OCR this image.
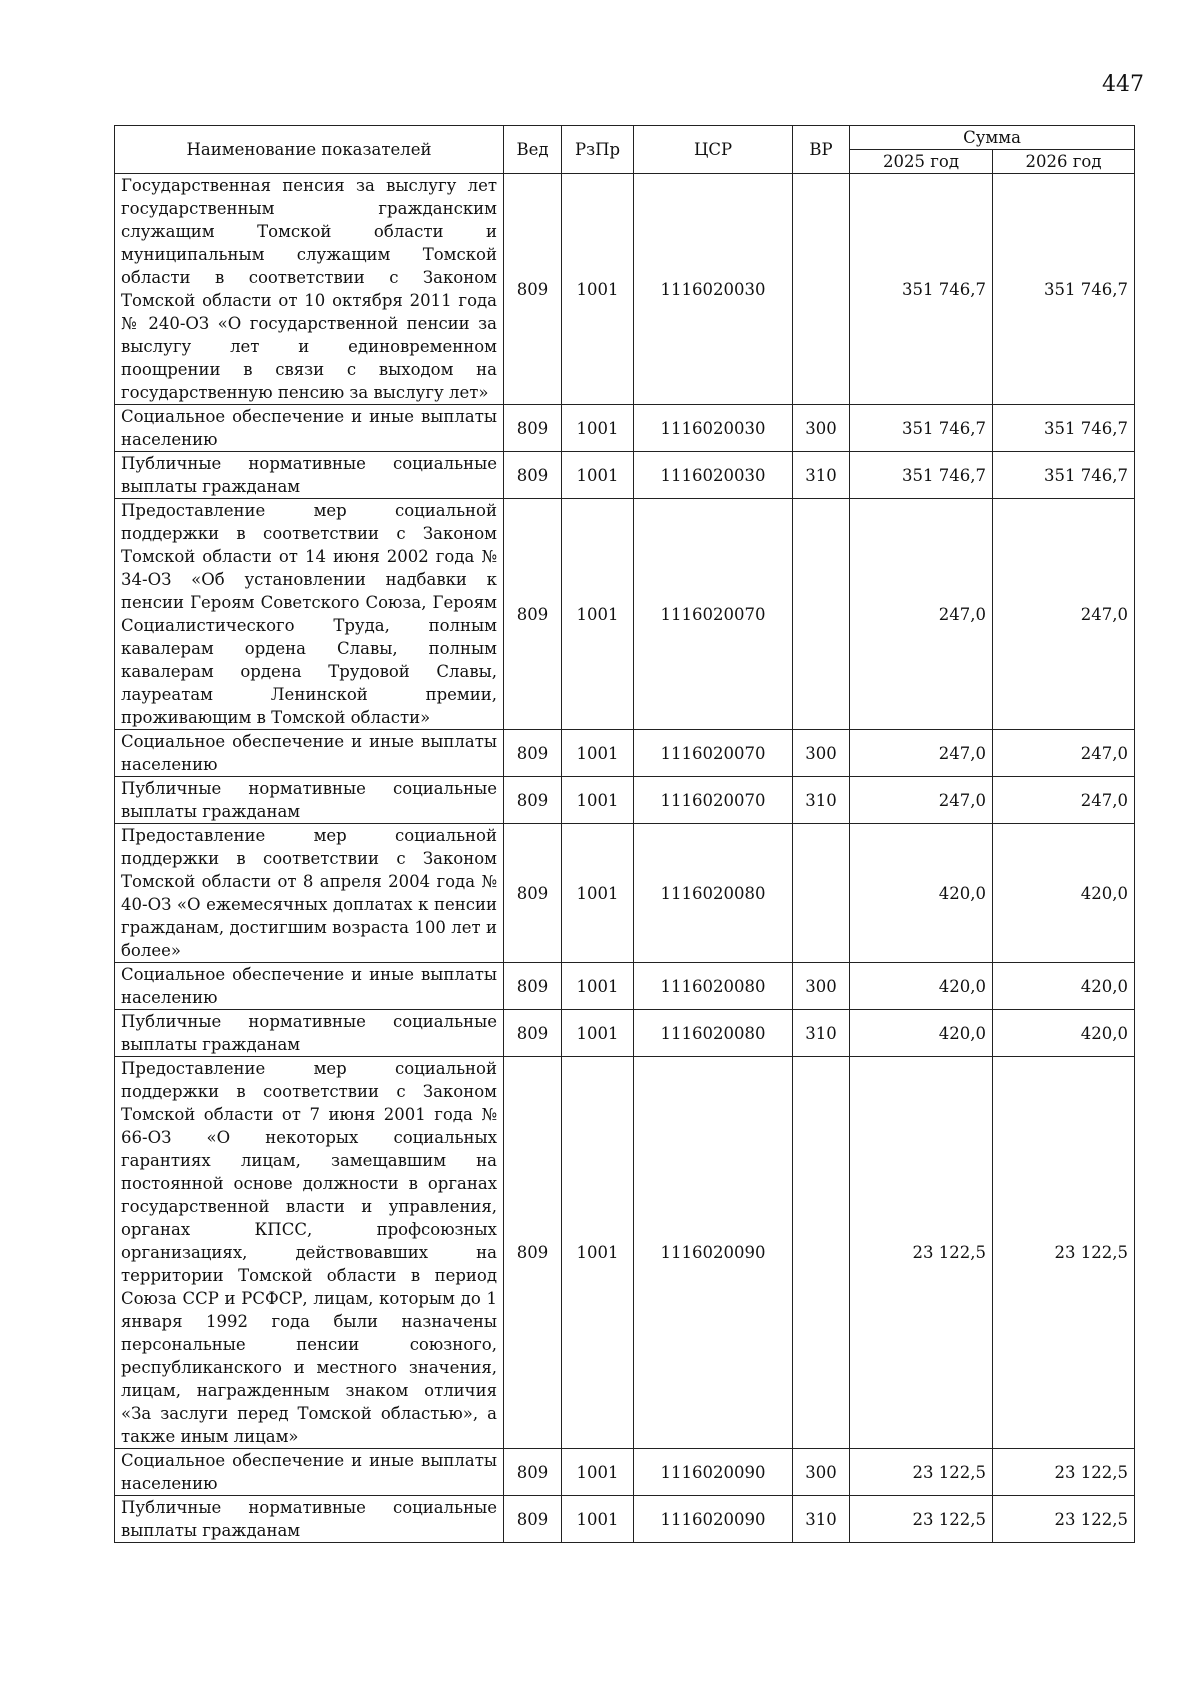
447
Наименование показателей	Вед	РзПр	ЦСР	ВР	Сумма	
					2025 год	2026 год
Государственная пенсия за выслугу лет государственным гражданским служащим Томской области и муниципальным служащим Томской области в соответствии с Законом Томской области от 10 октября 2011 года № 240-ОЗ «О государственной пенсии за выслугу лет и единовременном поощрении в связи с выходом на государственную пенсию за выслугу лет»	809	1001	1116020030		351 746,7	351 746,7
Социальное обеспечение и иные выплаты населению	809	1001	1116020030	300	351 746,7	351 746,7
Публичные нормативные социальные выплаты гражданам	809	1001	1116020030	310	351 746,7	351 746,7
Предоставление мер социальной поддержки в соответствии с Законом Томской области от 14 июня 2002 года № 34-ОЗ «Об установлении надбавки к пенсии Героям Советского Союза, Героям Социалистического Труда, полным кавалерам ордена Славы, полным кавалерам ордена Трудовой Славы, лауреатам Ленинской премии, проживающим в Томской области»	809	1001	1116020070		247,0	247,0
Социальное обеспечение и иные выплаты населению	809	1001	1116020070	300	247,0	247,0
Публичные нормативные социальные выплаты гражданам	809	1001	1116020070	310	247,0	247,0
Предоставление мер социальной поддержки в соответствии с Законом Томской области от 8 апреля 2004 года № 40-ОЗ «О ежемесячных доплатах к пенсии гражданам, достигшим возраста 100 лет и более»	809	1001	1116020080		420,0	420,0
Социальное обеспечение и иные выплаты населению	809	1001	1116020080	300	420,0	420,0
Публичные нормативные социальные выплаты гражданам	809	1001	1116020080	310	420,0	420,0
Предоставление мер социальной поддержки в соответствии с Законом Томской области от 7 июня 2001 года № 66-ОЗ «О некоторых социальных гарантиях лицам, замещавшим на постоянной основе должности в органах государственной власти и управления, органах КПСС, профсоюзных организациях, действовавших на территории Томской области в период Союза ССР и РСФСР, лицам, которым до 1 января 1992 года были назначены персональные пенсии союзного, республиканского и местного значения, лицам, награжденным знаком отличия «За заслуги перед Томской областью», а также иным лицам»	809	1001	1116020090		23 122,5	23 122,5
Социальное обеспечение и иные выплаты населению	809	1001	1116020090	300	23 122,5	23 122,5
Публичные нормативные социальные выплаты гражданам	809	1001	1116020090	310	23 122,5	23 122,5
